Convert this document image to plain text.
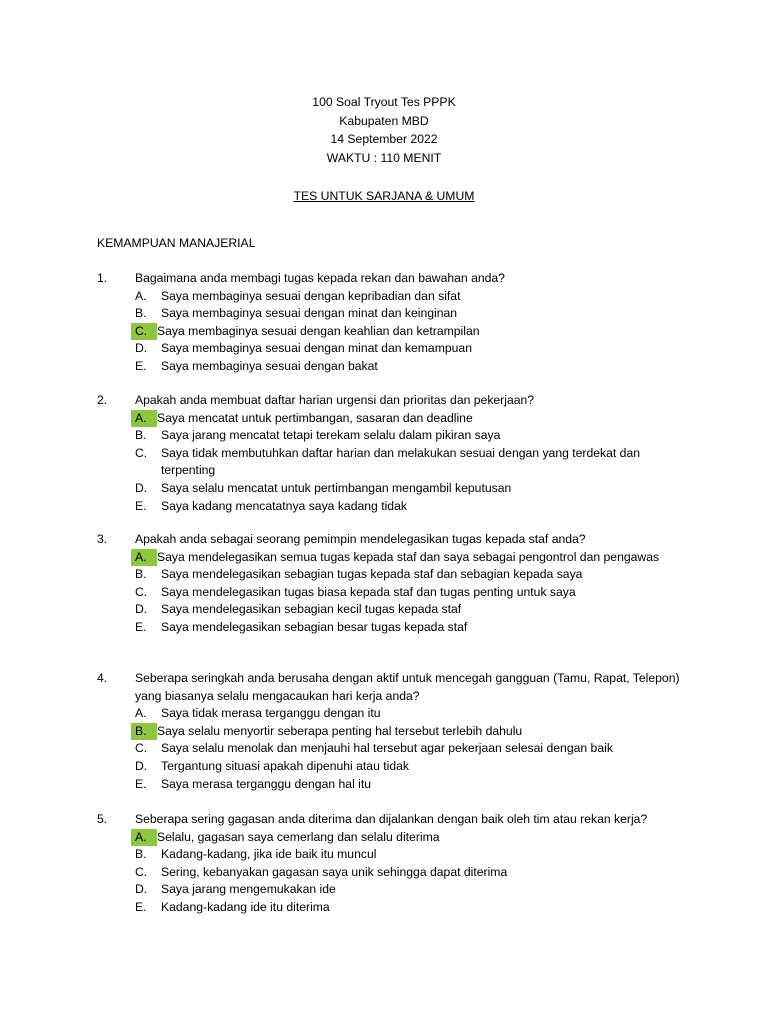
100 Soal Tryout Tes PPPK
Kabupaten MBD
14 September 2022
WAKTU : 110 MENIT
TES UNTUK SARJANA & UMUM
KEMAMPUAN MANAJERIAL
1.	Bagaimana anda membagi tugas kepada rekan dan bawahan anda?
A.	Saya membaginya sesuai dengan kepribadian dan sifat
B.	Saya membaginya sesuai dengan minat dan keinginan
C. Saya membaginya sesuai dengan keahlian dan ketrampilan
D.	Saya membaginya sesuai dengan minat dan kemampuan
E.	Saya membaginya sesuai dengan bakat
2.	Apakah anda membuat daftar harian urgensi dan prioritas dan pekerjaan?
A. Saya mencatat untuk pertimbangan, sasaran dan deadline
B.	Saya jarang mencatat tetapi terekam selalu dalam pikiran saya
C.	Saya tidak membutuhkan daftar harian dan melakukan sesuai dengan yang terdekat dan terpenting
D.	Saya selalu mencatat untuk pertimbangan mengambil keputusan
E.	Saya kadang mencatatnya saya kadang tidak
3.	Apakah anda sebagai seorang pemimpin mendelegasikan tugas kepada staf anda?
A. Saya mendelegasikan semua tugas kepada staf dan saya sebagai pengontrol dan pengawas
B.	Saya mendelegasikan sebagian tugas kepada staf dan sebagian kepada saya
C.	Saya mendelegasikan tugas biasa kepada staf dan tugas penting untuk saya
D.	Saya mendelegasikan sebagian kecil tugas kepada staf
E.	Saya mendelegasikan sebagian besar tugas kepada staf
4.	Seberapa seringkah anda berusaha dengan aktif untuk mencegah gangguan (Tamu, Rapat, Telepon) yang biasanya selalu mengacaukan hari kerja anda?
A.	Saya tidak merasa terganggu dengan itu
B. Saya selalu menyortir seberapa penting hal tersebut terlebih dahulu
C.	Saya selalu menolak dan menjauhi hal tersebut agar pekerjaan selesai dengan baik
D.	Tergantung situasi apakah dipenuhi atau tidak
E.	Saya merasa terganggu dengan hal itu
5.	Seberapa sering gagasan anda diterima dan dijalankan dengan baik oleh tim atau rekan kerja?
A. Selalu, gagasan saya cemerlang dan selalu diterima
B.	Kadang-kadang, jika ide baik itu muncul
C.	Sering, kebanyakan gagasan saya unik sehingga dapat diterima
D.	Saya jarang mengemukakan ide
E.	Kadang-kadang ide itu diterima
